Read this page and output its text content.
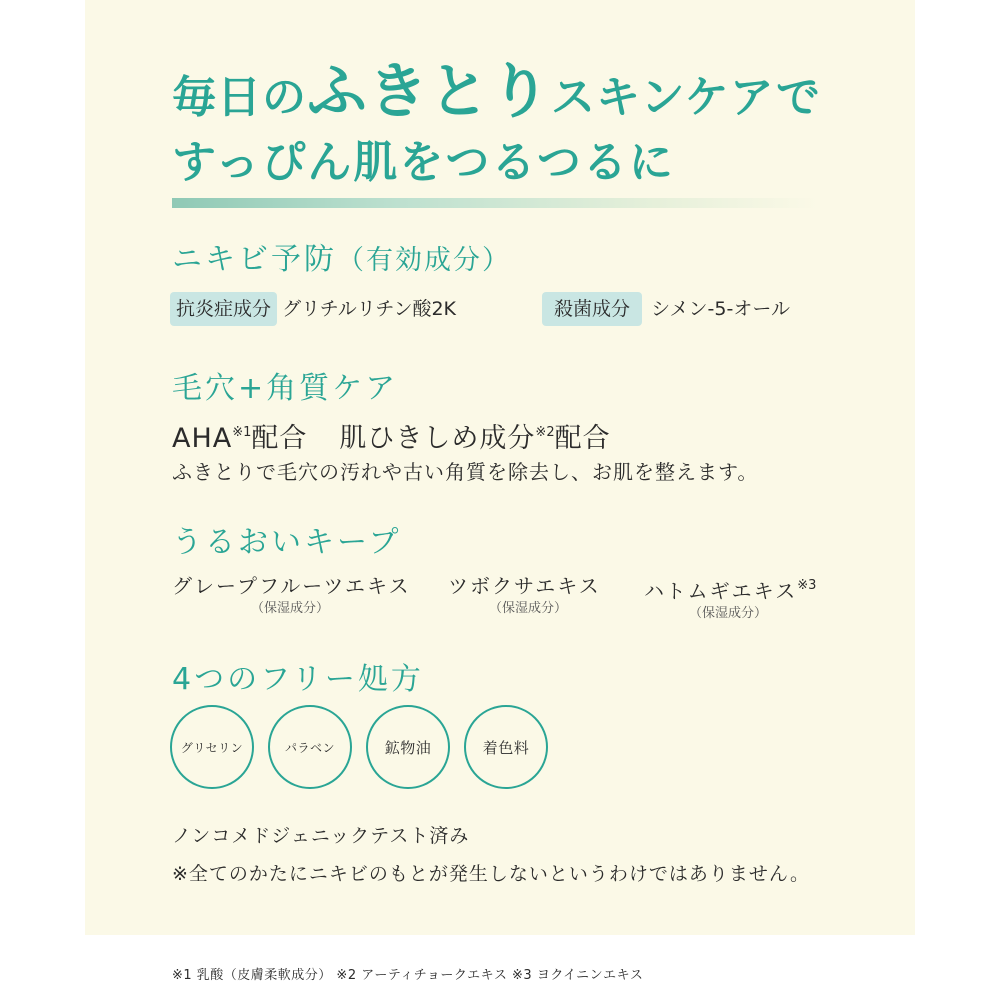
毎日のふきとりスキンケアで
すっぴん肌をつるつるに
ニキビ予防（有効成分）
抗炎症成分 グリチルリチン酸2K	殺菌成分 シメン-5-オール
毛穴+角質ケア
AHA$^{※1}$配合 肌ひきしめ成分$^{※2}$配合
ふきとりで毛穴の汚れや古い角質を除去し、お肌を整えます。
うるおいキープ
グレープフルーツエキス
（保湿成分）
ツボクサエキス
（保湿成分）
ハトムギエキス$^{※3}$
（保湿成分）
4つのフリー処方
グリセリン	パラベン	鉱物油	着色料
ノンコメドジェニックテスト済み
※全てのかたにニキビのもとが発生しないというわけではありません。
※1 乳酸（皮膚柔軟成分） ※2 アーティチョークエキス ※3 ヨクイニンエキス
